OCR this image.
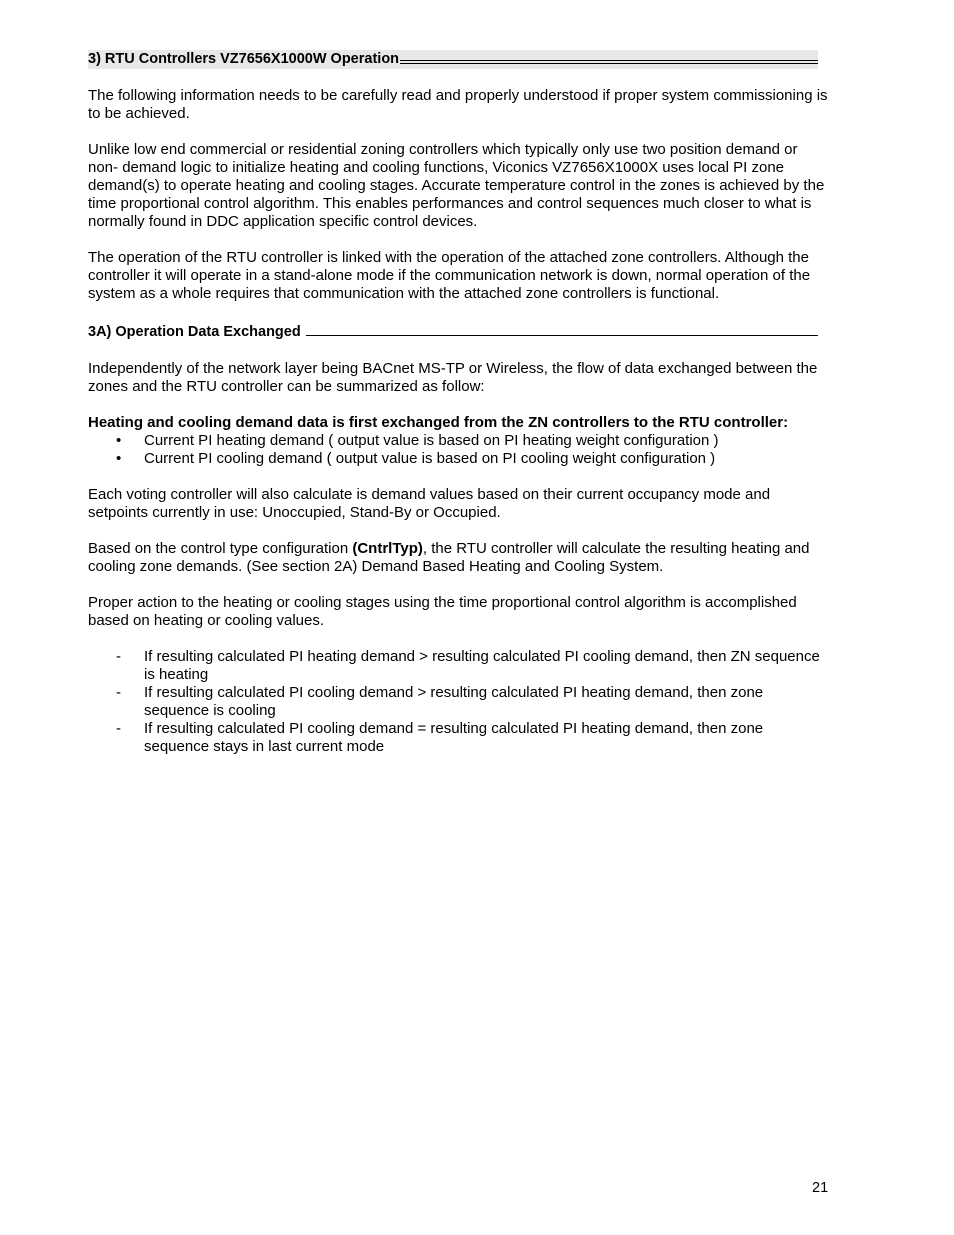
3) RTU Controllers VZ7656X1000W Operation

The following information needs to be carefully read and properly understood if proper system commissioning is to be achieved.

Unlike low end commercial or residential zoning controllers which typically only use two position demand or non- demand logic to initialize heating and cooling functions, Viconics VZ7656X1000X uses local PI zone demand(s) to operate heating and cooling stages. Accurate temperature control in the zones is achieved by the time proportional control algorithm. This enables performances and control sequences much closer to what is normally found in DDC application specific control devices.

The operation of the RTU controller is linked with the operation of the attached zone controllers. Although the controller it will operate in a stand-alone mode if the communication network is down, normal operation of the system as a whole requires that communication with the attached zone controllers is functional.

3A) Operation Data Exchanged

Independently of the network layer being BACnet MS-TP or Wireless, the flow of data exchanged between the zones and the RTU controller can be summarized as follow:

Heating and cooling demand data is first exchanged from the ZN controllers to the RTU controller:

• Current PI heating demand ( output value is based on PI heating weight configuration )
• Current PI cooling demand ( output value is based on PI cooling weight configuration )

Each voting controller will also calculate is demand values based on their current occupancy mode and setpoints currently in use: Unoccupied, Stand-By or Occupied.

Based on the control type configuration (CntrlTyp), the RTU controller will calculate the resulting heating and cooling zone demands. (See section 2A) Demand Based Heating and Cooling System.

Proper action to the heating or cooling stages using the time proportional control algorithm is accomplished based on heating or cooling values.

- If resulting calculated PI heating demand > resulting calculated PI cooling demand, then ZN sequence is heating
- If resulting calculated PI cooling demand > resulting calculated PI heating demand, then zone sequence is cooling
- If resulting calculated PI cooling demand = resulting calculated PI heating demand, then zone sequence stays in last current mode
21
